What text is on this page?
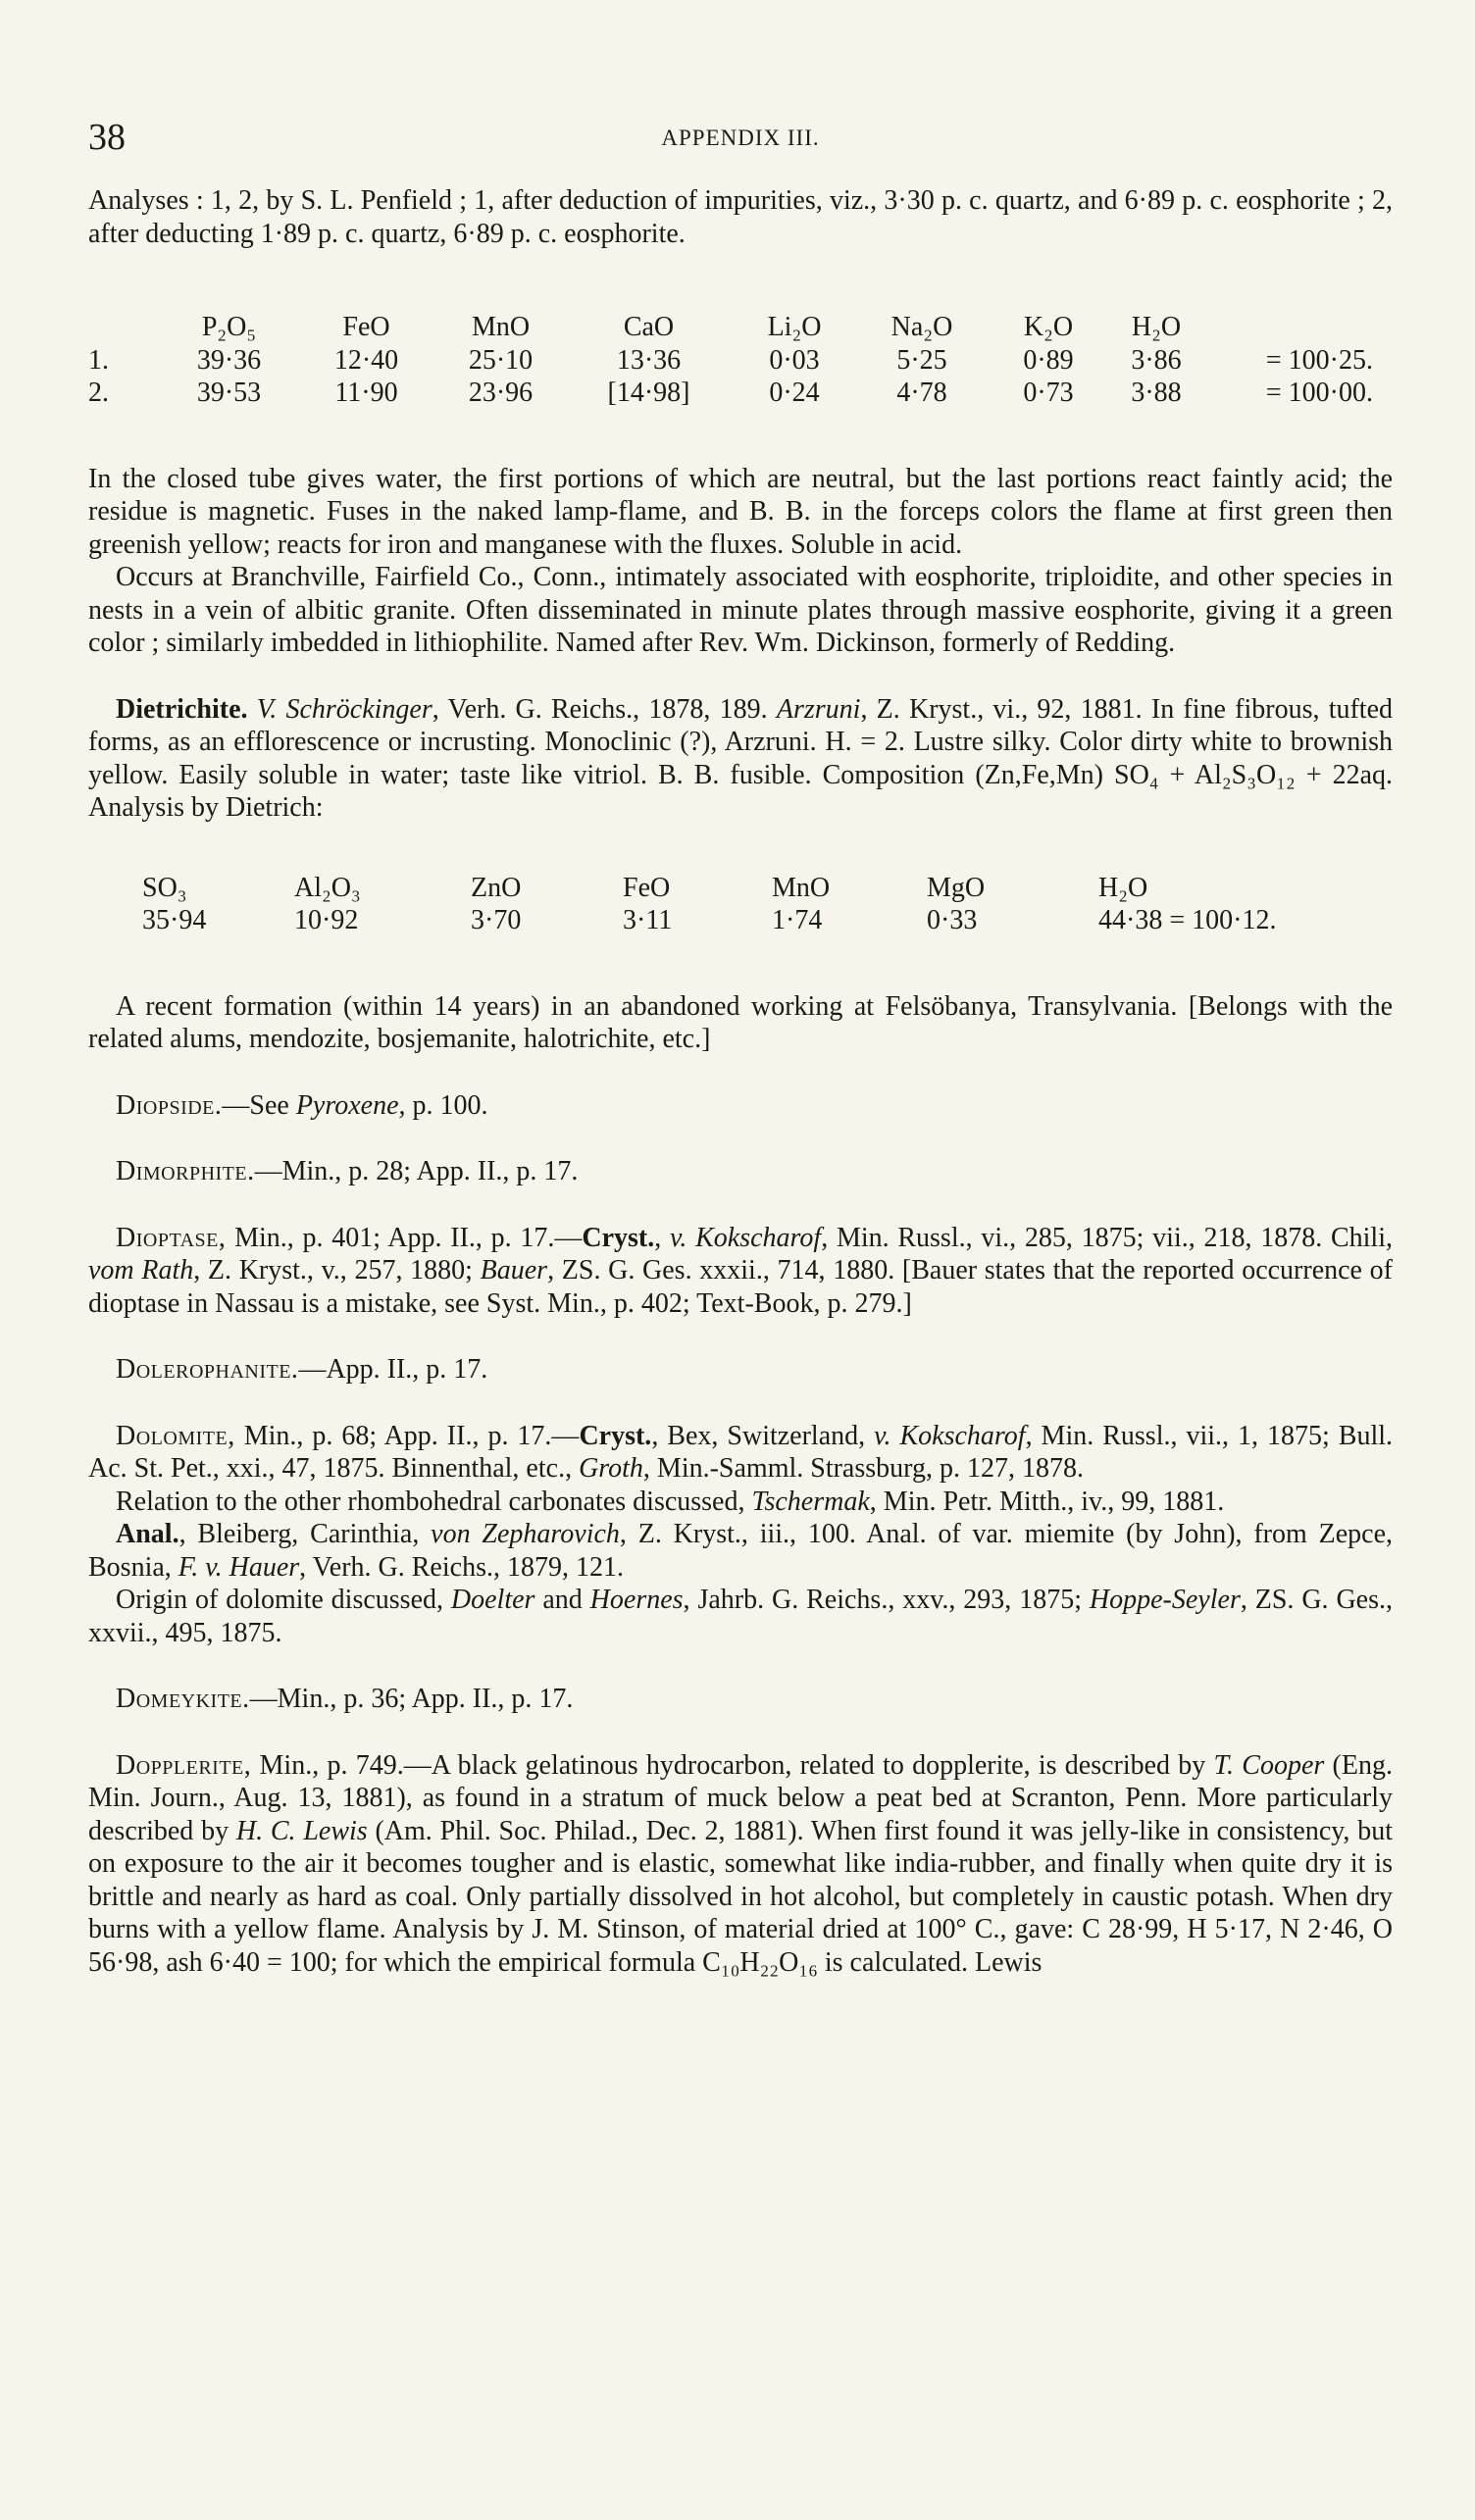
38	APPENDIX III.

Analyses : 1, 2, by S. L. Penfield ; 1, after deduction of impurities, viz., 3·30 p. c. quartz, and 6·89 p. c. eosphorite ; 2, after deducting 1·89 p. c. quartz, 6·89 p. c. eosphorite.

	P₂O₅	FeO	MnO	CaO	Li₂O	Na₂O	K₂O	H₂O	
1.	39·36	12·40	25·10	13·36	0·03	5·25	0·89	3·86	= 100·25.
2.	39·53	11·90	23·96	[14·98]	0·24	4·78	0·73	3·88	= 100·00.

In the closed tube gives water, the first portions of which are neutral, but the last portions react faintly acid; the residue is magnetic. Fuses in the naked lamp-flame, and B. B. in the forceps colors the flame at first green then greenish yellow; reacts for iron and manganese with the fluxes. Soluble in acid.

Occurs at Branchville, Fairfield Co., Conn., intimately associated with eosphorite, triploidite, and other species in nests in a vein of albitic granite. Often disseminated in minute plates through massive eosphorite, giving it a green color ; similarly imbedded in lithiophilite. Named after Rev. Wm. Dickinson, formerly of Redding.

Dietrichite. V. Schröckinger, Verh. G. Reichs., 1878, 189. Arzruni, Z. Kryst., vi., 92, 1881. In fine fibrous, tufted forms, as an efflorescence or incrusting. Monoclinic (?), Arzruni. H. = 2. Lustre silky. Color dirty white to brownish yellow. Easily soluble in water; taste like vitriol. B. B. fusible. Composition (Zn,Fe,Mn) SO₄ + Al₂S₃O₁₂ + 22aq. Analysis by Dietrich:

SO₃	Al₂O₃	ZnO	FeO	MnO	MgO	H₂O
35·94	10·92	3·70	3·11	1·74	0·33	44·38 = 100·12.

A recent formation (within 14 years) in an abandoned working at Felsöbanya, Transylvania. [Belongs with the related alums, mendozite, bosjemanite, halotrichite, etc.]

Diopside.—See Pyroxene, p. 100.

Dimorphite.—Min., p. 28; App. II., p. 17.

Dioptase, Min., p. 401; App. II., p. 17.—Cryst., v. Kokscharof, Min. Russl., vi., 285, 1875; vii., 218, 1878. Chili, vom Rath, Z. Kryst., v., 257, 1880; Bauer, ZS. G. Ges. xxxii., 714, 1880. [Bauer states that the reported occurrence of dioptase in Nassau is a mistake, see Syst. Min., p. 402; Text-Book, p. 279.]

Dolerophanite.—App. II., p. 17.

Dolomite, Min., p. 68; App. II., p. 17.—Cryst., Bex, Switzerland, v. Kokscharof, Min. Russl., vii., 1, 1875; Bull. Ac. St. Pet., xxi., 47, 1875. Binnenthal, etc., Groth, Min.-Samml. Strassburg, p. 127, 1878.

Relation to the other rhombohedral carbonates discussed, Tschermak, Min. Petr. Mitth., iv., 99, 1881.

Anal., Bleiberg, Carinthia, von Zepharovich, Z. Kryst., iii., 100. Anal. of var. miemite (by John), from Zepce, Bosnia, F. v. Hauer, Verh. G. Reichs., 1879, 121.

Origin of dolomite discussed, Doelter and Hoernes, Jahrb. G. Reichs., xxv., 293, 1875; Hoppe-Seyler, ZS. G. Ges., xxvii., 495, 1875.

Domeykite.—Min., p. 36; App. II., p. 17.

Dopplerite, Min., p. 749.—A black gelatinous hydrocarbon, related to dopplerite, is described by T. Cooper (Eng. Min. Journ., Aug. 13, 1881), as found in a stratum of muck below a peat bed at Scranton, Penn. More particularly described by H. C. Lewis (Am. Phil. Soc. Philad., Dec. 2, 1881). When first found it was jelly-like in consistency, but on exposure to the air it becomes tougher and is elastic, somewhat like india-rubber, and finally when quite dry it is brittle and nearly as hard as coal. Only partially dissolved in hot alcohol, but completely in caustic potash. When dry burns with a yellow flame. Analysis by J. M. Stinson, of material dried at 100° C., gave: C 28·99, H 5·17, N 2·46, O 56·98, ash 6·40 = 100; for which the empirical formula C₁₀H₂₂O₁₆ is calculated. Lewis
